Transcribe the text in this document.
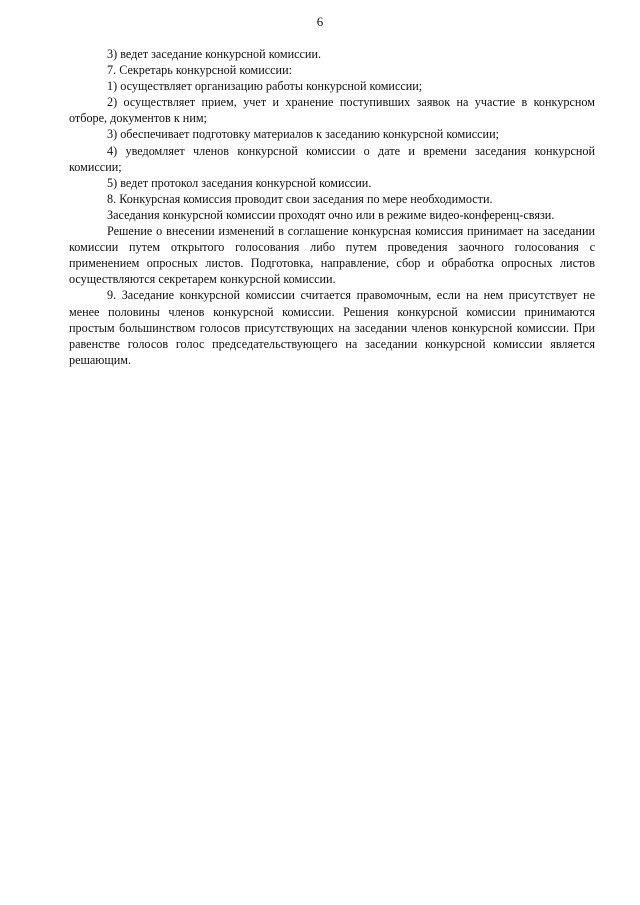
6

3) ведет заседание конкурсной комиссии.

7. Секретарь конкурсной комиссии:

1) осуществляет организацию работы конкурсной комиссии;

2) осуществляет прием, учет и хранение поступивших заявок на участие в конкурсном отборе, документов к ним;

3) обеспечивает подготовку материалов к заседанию конкурсной комиссии;

4) уведомляет членов конкурсной комиссии о дате и времени заседания конкурсной комиссии;

5) ведет протокол заседания конкурсной комиссии.

8. Конкурсная комиссия проводит свои заседания по мере необходимости.

Заседания конкурсной комиссии проходят очно или в режиме видео-конференц-связи.

Решение о внесении изменений в соглашение конкурсная комиссия принимает на заседании комиссии путем открытого голосования либо путем проведения заочного голосования с применением опросных листов. Подготовка, направление, сбор и обработка опросных листов осуществляются секретарем конкурсной комиссии.

9. Заседание конкурсной комиссии считается правомочным, если на нем присутствует не менее половины членов конкурсной комиссии. Решения конкурсной комиссии принимаются простым большинством голосов присутствующих на заседании членов конкурсной комиссии. При равенстве голосов голос председательствующего на заседании конкурсной комиссии является решающим.
